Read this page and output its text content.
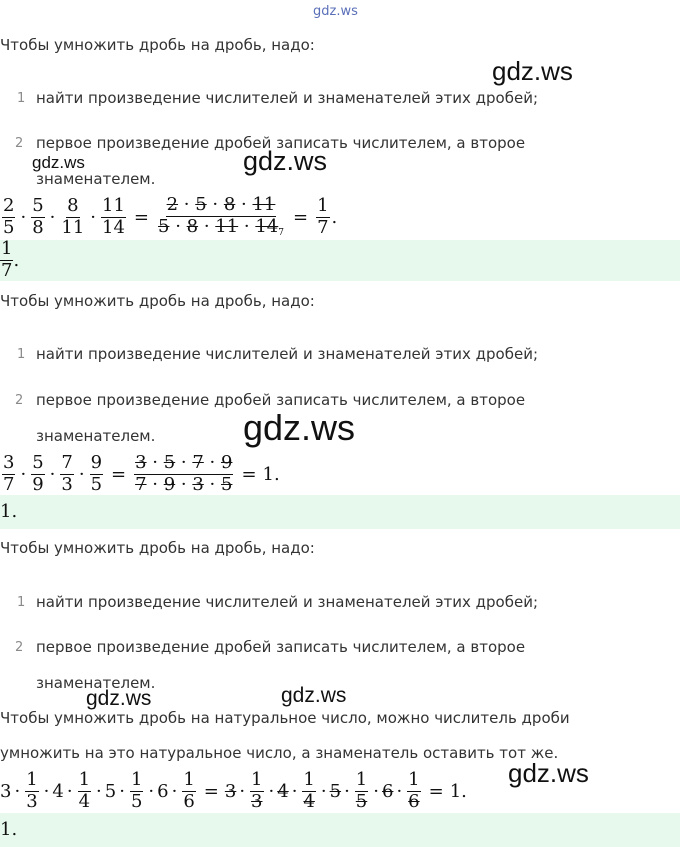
gdz.ws
Чтобы умножить дробь на дробь, надо:
gdz.ws
1 найти произведение числителей и знаменателей этих дробей;
2 первое произведение дробей записать числителем, а второе
gdz.ws	gdz.ws
знаменателем.
$\frac{2}{5} \cdot \frac{5}{8} \cdot \frac{8}{11} \cdot \frac{11}{14} = \frac{2 \cdot 5 \cdot 8 \cdot 11}{5 \cdot 8 \cdot 11 \cdot 14_7} = \frac{1}{7}$ .
$\frac{1}{7}$ .
Чтобы умножить дробь на дробь, надо:
1 найти произведение числителей и знаменателей этих дробей;
2 первое произведение дробей записать числителем, а второе
знаменателем. gdz.ws
$\frac{3}{7} \cdot \frac{5}{9} \cdot \frac{7}{3} \cdot \frac{9}{5} = \frac{3 \cdot 5 \cdot 7 \cdot 9}{7 \cdot 9 \cdot 3 \cdot 5} = 1$ .
1.
Чтобы умножить дробь на дробь, надо:
1 найти произведение числителей и знаменателей этих дробей;
2 первое произведение дробей записать числителем, а второе
знаменателем.
gdz.ws	gdz.ws
Чтобы умножить дробь на натуральное число, можно числитель дроби
умножить на это натуральное число, а знаменатель оставить тот же.
$3 \cdot \frac{1}{3} \cdot 4 \cdot \frac{1}{4} \cdot 5 \cdot \frac{1}{5} \cdot 6 \cdot \frac{1}{6} = 3 \cdot \frac{1}{3} \cdot 4 \cdot \frac{1}{4} \cdot 5 \cdot \frac{1}{5} \cdot 6 \cdot \frac{1}{6} = 1$ .
gdz.ws
1.
